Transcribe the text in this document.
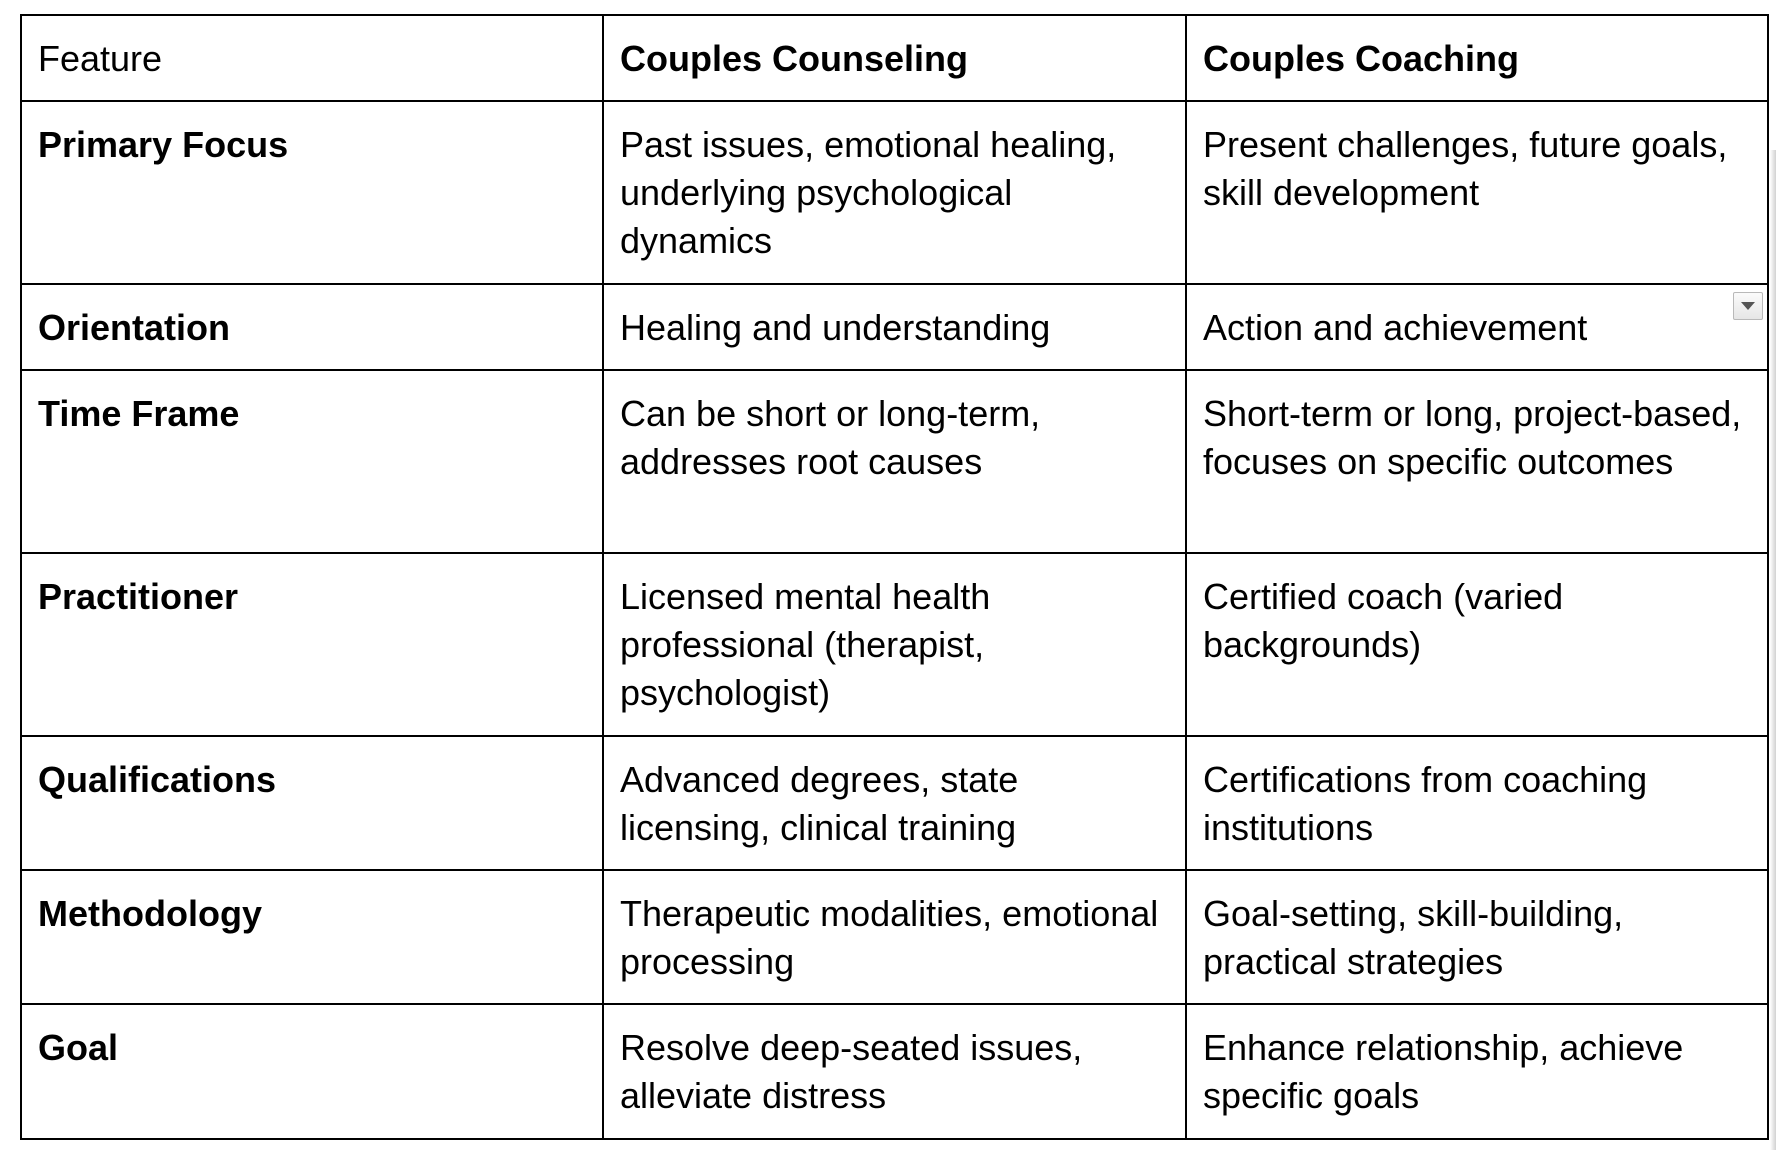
Feature	Couples Counseling	Couples Coaching
Primary Focus	Past issues, emotional healing, underlying psychological dynamics	Present challenges, future goals, skill development
Orientation	Healing and understanding	Action and achievement
Time Frame	Can be short or long-term, addresses root causes	Short-term or long, project-based, focuses on specific outcomes
Practitioner	Licensed mental health professional (therapist, psychologist)	Certified coach (varied backgrounds)
Qualifications	Advanced degrees, state licensing, clinical training	Certifications from coaching institutions
Methodology	Therapeutic modalities, emotional processing	Goal-setting, skill-building, practical strategies
Goal	Resolve deep-seated issues, alleviate distress	Enhance relationship, achieve specific goals
